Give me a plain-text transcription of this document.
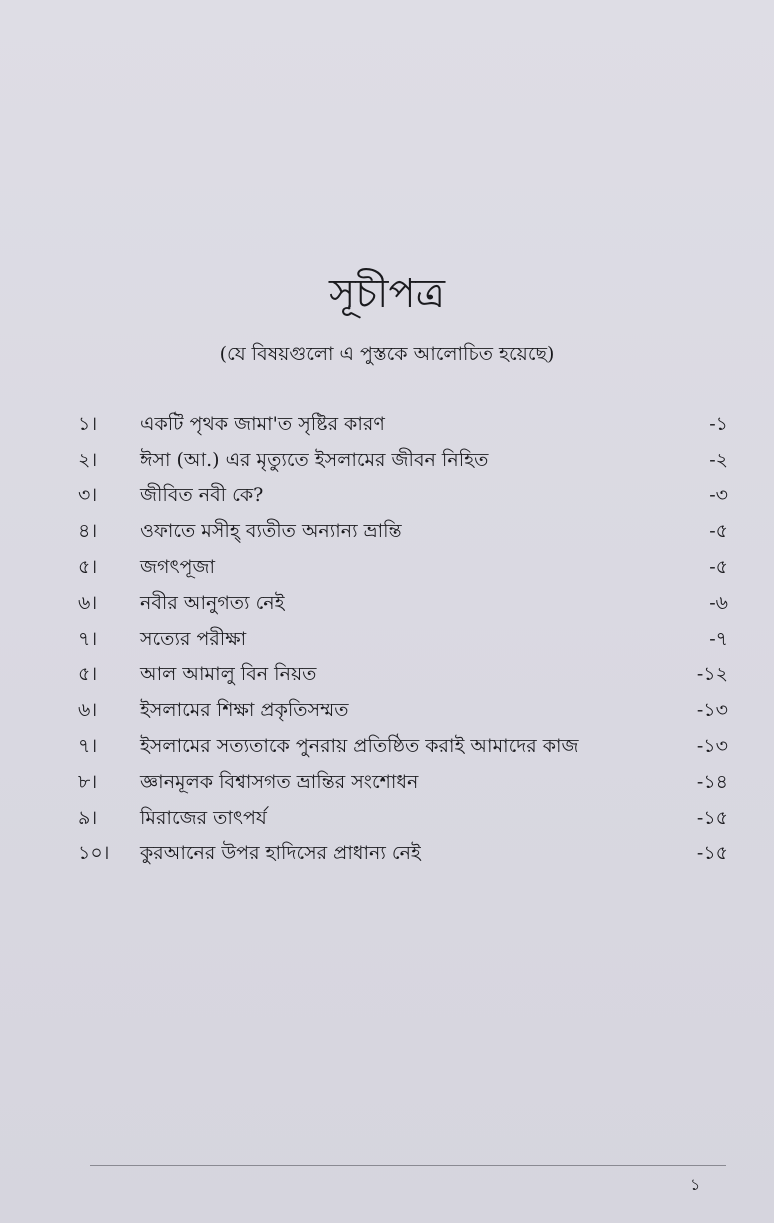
সূচীপত্র
(যে বিষয়গুলো এ পুস্তকে আলোচিত হয়েছে)
১।	একটি পৃথক জামা'ত সৃষ্টির কারণ	-১
২।	ঈসা (আ.) এর মৃত্যুতে ইসলামের জীবন নিহিত	-২
৩।	জীবিত নবী কে?	-৩
৪।	ওফাতে মসীহ্ ব্যতীত অন্যান্য ভ্রান্তি	-৫
৫।	জগৎপূজা	-৫
৬।	নবীর আনুগত্য নেই	-৬
৭।	সত্যের পরীক্ষা	-৭
৫।	আল আমালু বিন নিয়ত	-১২
৬।	ইসলামের শিক্ষা প্রকৃতিসম্মত	-১৩
৭।	ইসলামের সত্যতাকে পুনরায় প্রতিষ্ঠিত করাই আমাদের কাজ	-১৩
৮।	জ্ঞানমূলক বিশ্বাসগত ভ্রান্তির সংশোধন	-১৪
৯।	মিরাজের তাৎপর্য	-১৫
১০।	কুরআনের উপর হাদিসের প্রাধান্য নেই	-১৫
১
